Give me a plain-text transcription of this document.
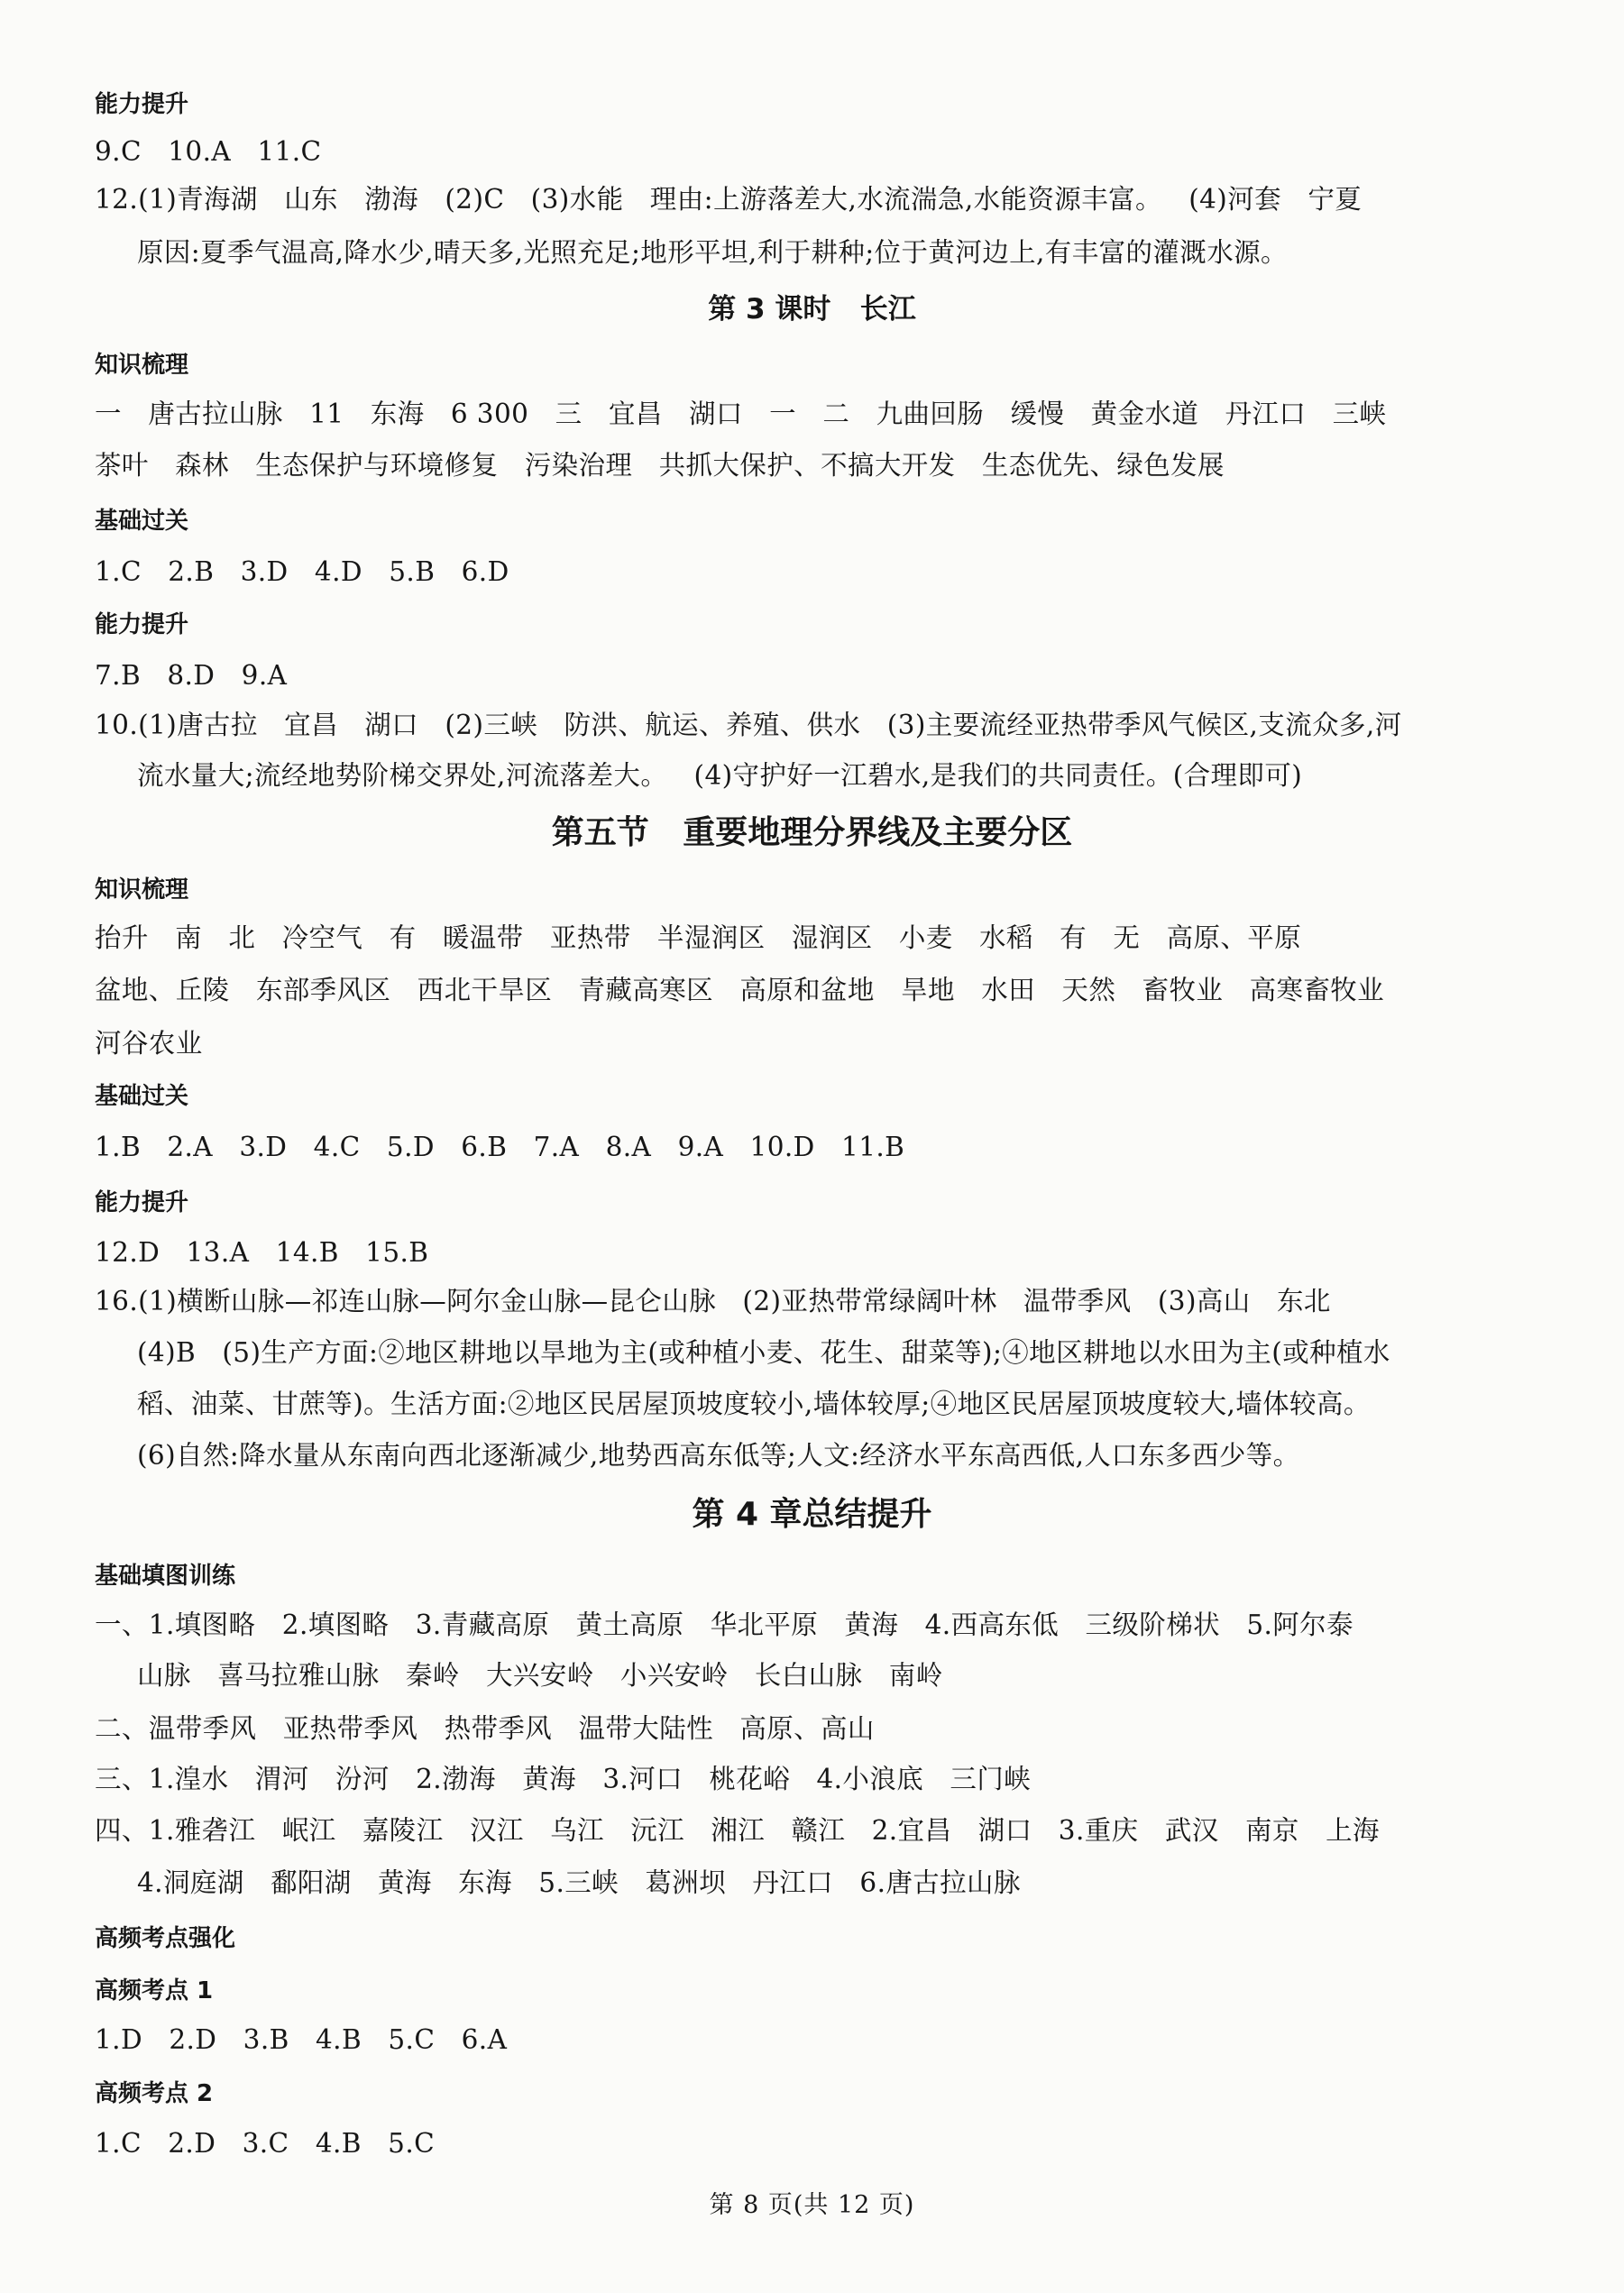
能力提升
9.C   10.A   11.C
12.(1)青海湖   山东   渤海   (2)C   (3)水能   理由:上游落差大,水流湍急,水能资源丰富。   (4)河套   宁夏
原因:夏季气温高,降水少,晴天多,光照充足;地形平坦,利于耕种;位于黄河边上,有丰富的灌溉水源。
第 3 课时   长江
知识梳理
一   唐古拉山脉   11   东海   6 300   三   宜昌   湖口   一   二   九曲回肠   缓慢   黄金水道   丹江口   三峡
茶叶   森林   生态保护与环境修复   污染治理   共抓大保护、不搞大开发   生态优先、绿色发展
基础过关
1.C   2.B   3.D   4.D   5.B   6.D
能力提升
7.B   8.D   9.A
10.(1)唐古拉   宜昌   湖口   (2)三峡   防洪、航运、养殖、供水   (3)主要流经亚热带季风气候区,支流众多,河
流水量大;流经地势阶梯交界处,河流落差大。   (4)守护好一江碧水,是我们的共同责任。(合理即可)
第五节   重要地理分界线及主要分区
知识梳理
抬升   南   北   冷空气   有   暖温带   亚热带   半湿润区   湿润区   小麦   水稻   有   无   高原、平原
盆地、丘陵   东部季风区   西北干旱区   青藏高寒区   高原和盆地   旱地   水田   天然   畜牧业   高寒畜牧业
河谷农业
基础过关
1.B   2.A   3.D   4.C   5.D   6.B   7.A   8.A   9.A   10.D   11.B
能力提升
12.D   13.A   14.B   15.B
16.(1)横断山脉—祁连山脉—阿尔金山脉—昆仑山脉   (2)亚热带常绿阔叶林   温带季风   (3)高山   东北
(4)B   (5)生产方面:②地区耕地以旱地为主(或种植小麦、花生、甜菜等);④地区耕地以水田为主(或种植水
稻、油菜、甘蔗等)。生活方面:②地区民居屋顶坡度较小,墙体较厚;④地区民居屋顶坡度较大,墙体较高。
(6)自然:降水量从东南向西北逐渐减少,地势西高东低等;人文:经济水平东高西低,人口东多西少等。
第 4 章总结提升
基础填图训练
一、1.填图略   2.填图略   3.青藏高原   黄土高原   华北平原   黄海   4.西高东低   三级阶梯状   5.阿尔泰
山脉   喜马拉雅山脉   秦岭   大兴安岭   小兴安岭   长白山脉   南岭
二、温带季风   亚热带季风   热带季风   温带大陆性   高原、高山
三、1.湟水   渭河   汾河   2.渤海   黄海   3.河口   桃花峪   4.小浪底   三门峡
四、1.雅砻江   岷江   嘉陵江   汉江   乌江   沅江   湘江   赣江   2.宜昌   湖口   3.重庆   武汉   南京   上海
4.洞庭湖   鄱阳湖   黄海   东海   5.三峡   葛洲坝   丹江口   6.唐古拉山脉
高频考点强化
高频考点 1
1.D   2.D   3.B   4.B   5.C   6.A
高频考点 2
1.C   2.D   3.C   4.B   5.C
第 8 页(共 12 页)
